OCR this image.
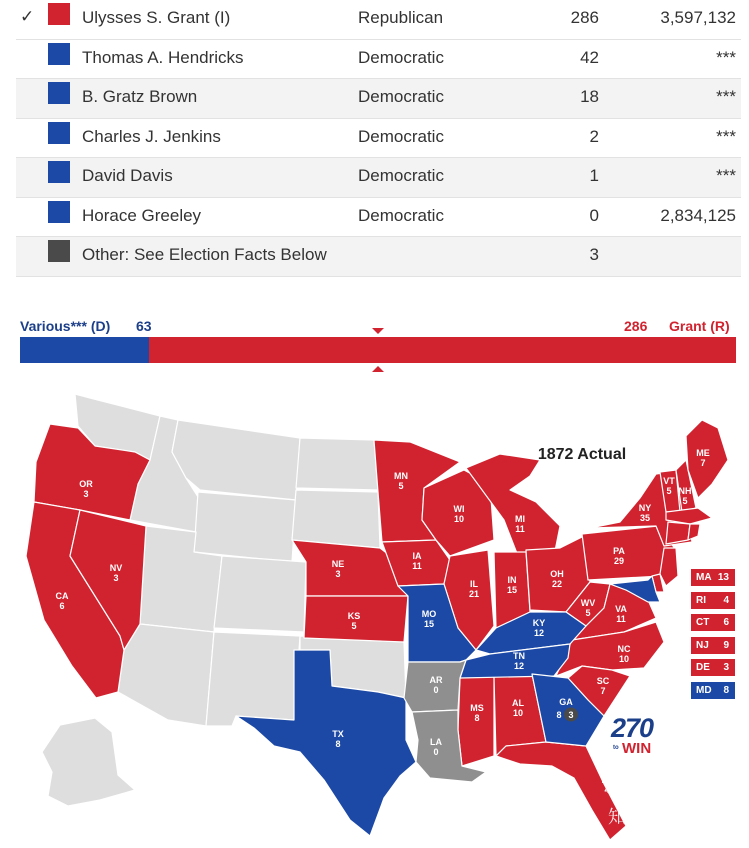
✓	Ulysses S. Grant (I)	Republican	286	3,597,132
Thomas A. Hendricks	Democratic	42	***
B. Gratz Brown	Democratic	18	***
Charles J. Jenkins	Democratic	2	***
David Davis	Democratic	1	***
Horace Greeley	Democratic	0	2,834,125
Other: See Election Facts Below	3
Various*** (D) 63	286 Grant (R)
OR
3
CA
6
NV
3
MN
5
NE
3
KS
5
TX
8
IA
11
MO
15
AR
0
LA
0
WI
10
IL
21
MI
11
IN
15
OH
22
KY
12
TN
12
MS
8
AL
10
GA
8 3
FL
4
SC
7
NC
10
VA
11
WV
5
PA
29
NY
35
VT
5 NH
5
ME
7
1872 Actual
MA 13
RI 4
CT 6
NJ 9
DE 3
MD 8
270
to WIN
知乎 @鹿鸣
